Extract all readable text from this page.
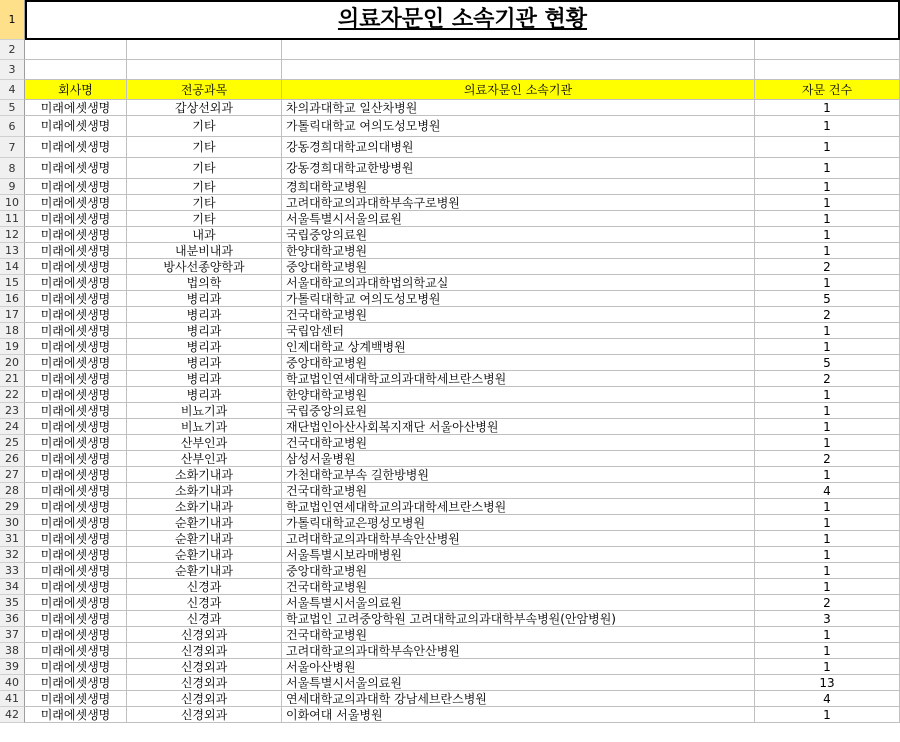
1	의료자문인 소속기관 현황
2
3
4	회사명	전공과목	의료자문인 소속기관	자문 건수
5	미래에셋생명	갑상선외과	차의과대학교 일산차병원	1
6	미래에셋생명	기타	가톨릭대학교 여의도성모병원	1
7	미래에셋생명	기타	강동경희대학교의대병원	1
8	미래에셋생명	기타	강동경희대학교한방병원	1
9	미래에셋생명	기타	경희대학교병원	1
10	미래에셋생명	기타	고려대학교의과대학부속구로병원	1
11	미래에셋생명	기타	서울특별시서울의료원	1
12	미래에셋생명	내과	국립중앙의료원	1
13	미래에셋생명	내분비내과	한양대학교병원	1
14	미래에셋생명	방사선종양학과	중앙대학교병원	2
15	미래에셋생명	법의학	서울대학교의과대학법의학교실	1
16	미래에셋생명	병리과	가톨릭대학교 여의도성모병원	5
17	미래에셋생명	병리과	건국대학교병원	2
18	미래에셋생명	병리과	국립암센터	1
19	미래에셋생명	병리과	인제대학교 상계백병원	1
20	미래에셋생명	병리과	중앙대학교병원	5
21	미래에셋생명	병리과	학교법인연세대학교의과대학세브란스병원	2
22	미래에셋생명	병리과	한양대학교병원	1
23	미래에셋생명	비뇨기과	국립중앙의료원	1
24	미래에셋생명	비뇨기과	재단법인아산사회복지재단 서울아산병원	1
25	미래에셋생명	산부인과	건국대학교병원	1
26	미래에셋생명	산부인과	삼성서울병원	2
27	미래에셋생명	소화기내과	가천대학교부속 길한방병원	1
28	미래에셋생명	소화기내과	건국대학교병원	4
29	미래에셋생명	소화기내과	학교법인연세대학교의과대학세브란스병원	1
30	미래에셋생명	순환기내과	가톨릭대학교은평성모병원	1
31	미래에셋생명	순환기내과	고려대학교의과대학부속안산병원	1
32	미래에셋생명	순환기내과	서울특별시보라매병원	1
33	미래에셋생명	순환기내과	중앙대학교병원	1
34	미래에셋생명	신경과	건국대학교병원	1
35	미래에셋생명	신경과	서울특별시서울의료원	2
36	미래에셋생명	신경과	학교법인 고려중앙학원 고려대학교의과대학부속병원(안암병원)	3
37	미래에셋생명	신경외과	건국대학교병원	1
38	미래에셋생명	신경외과	고려대학교의과대학부속안산병원	1
39	미래에셋생명	신경외과	서울아산병원	1
40	미래에셋생명	신경외과	서울특별시서울의료원	13
41	미래에셋생명	신경외과	연세대학교의과대학 강남세브란스병원	4
42	미래에셋생명	신경외과	이화여대 서울병원	1
